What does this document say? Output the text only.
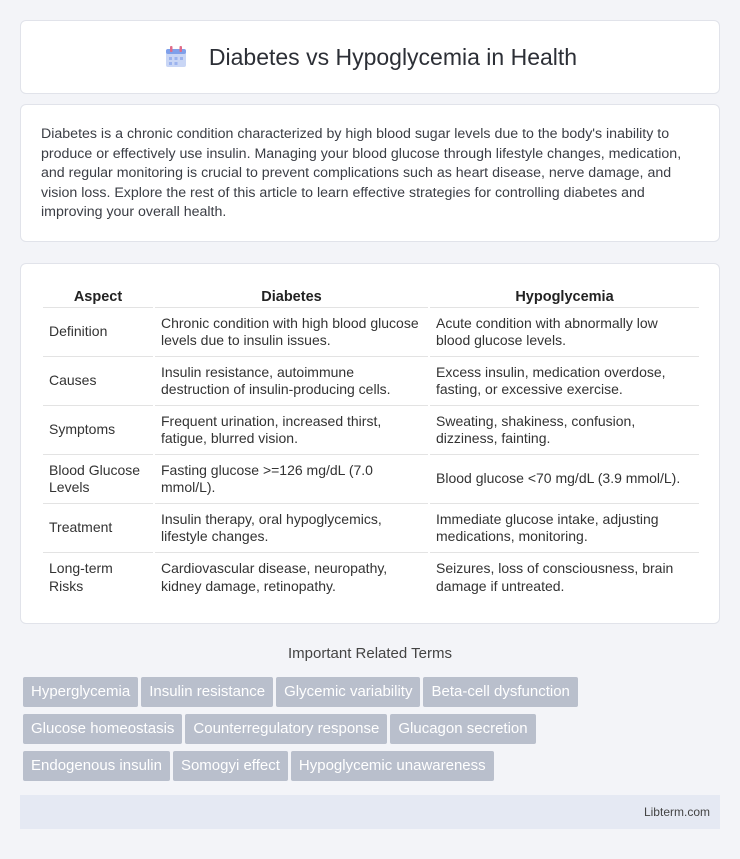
Diabetes vs Hypoglycemia in Health

Diabetes is a chronic condition characterized by high blood sugar levels due to the body's inability to produce or effectively use insulin. Managing your blood glucose through lifestyle changes, medication, and regular monitoring is crucial to prevent complications such as heart disease, nerve damage, and vision loss. Explore the rest of this article to learn effective strategies for controlling diabetes and improving your overall health.

Aspect	Diabetes	Hypoglycemia
Definition	Chronic condition with high blood glucose levels due to insulin issues.	Acute condition with abnormally low blood glucose levels.
Causes	Insulin resistance, autoimmune destruction of insulin-producing cells.	Excess insulin, medication overdose, fasting, or excessive exercise.
Symptoms	Frequent urination, increased thirst, fatigue, blurred vision.	Sweating, shakiness, confusion, dizziness, fainting.
Blood Glucose Levels	Fasting glucose >=126 mg/dL (7.0 mmol/L).	Blood glucose <70 mg/dL (3.9 mmol/L).
Treatment	Insulin therapy, oral hypoglycemics, lifestyle changes.	Immediate glucose intake, adjusting medications, monitoring.
Long-term Risks	Cardiovascular disease, neuropathy, kidney damage, retinopathy.	Seizures, loss of consciousness, brain damage if untreated.
Important Related Terms
Hyperglycemia Insulin resistance Glycemic variability Beta-cell dysfunction
Glucose homeostasis Counterregulatory response Glucagon secretion
Endogenous insulin Somogyi effect Hypoglycemic unawareness
Libterm.com
